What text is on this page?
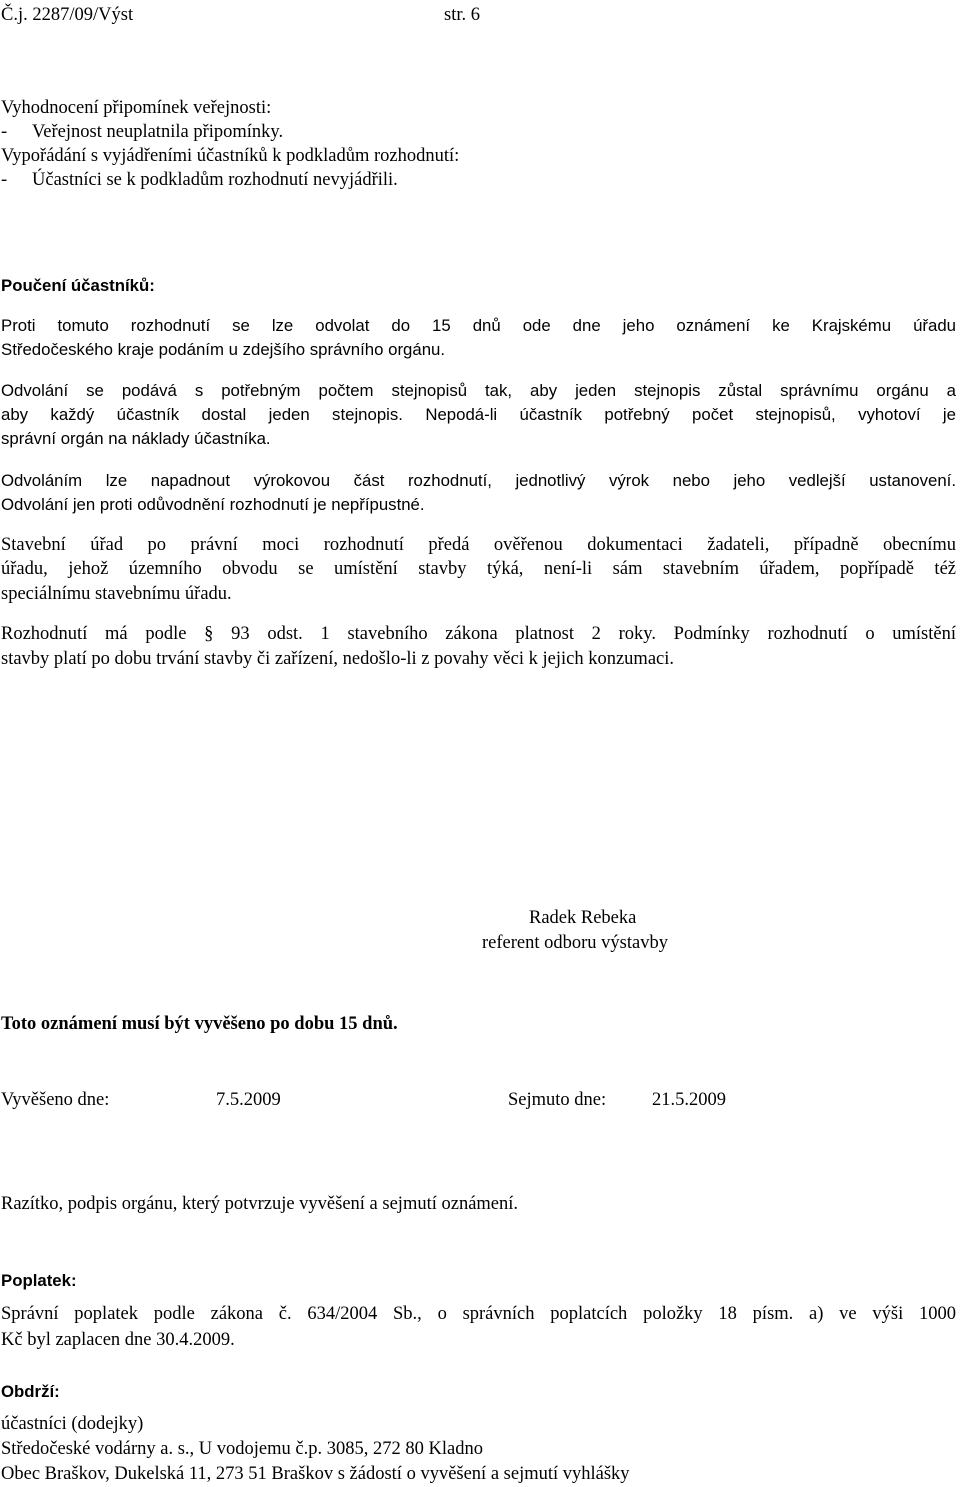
Č.j. 2287/09/Výst	str. 6
Vyhodnocení připomínek veřejnosti:
- Veřejnost neuplatnila připomínky.
Vypořádání s vyjádřeními účastníků k podkladům rozhodnutí:
- Účastníci se k podkladům rozhodnutí nevyjádřili.
Poučení účastníků:
Proti tomuto rozhodnutí se lze odvolat do 15 dnů ode dne jeho oznámení ke Krajskému úřadu
Středočeského kraje podáním u zdejšího správního orgánu.
Odvolání se podává s potřebným počtem stejnopisů tak, aby jeden stejnopis zůstal správnímu orgánu a
aby každý účastník dostal jeden stejnopis. Nepodá-li účastník potřebný počet stejnopisů, vyhotoví je
správní orgán na náklady účastníka.
Odvoláním lze napadnout výrokovou část rozhodnutí, jednotlivý výrok nebo jeho vedlejší ustanovení.
Odvolání jen proti odůvodnění rozhodnutí je nepřípustné.
Stavební úřad po právní moci rozhodnutí předá ověřenou dokumentaci žadateli, případně obecnímu
úřadu, jehož územního obvodu se umístění stavby týká, není-li sám stavebním úřadem, popřípadě též
speciálnímu stavebnímu úřadu.
Rozhodnutí má podle § 93 odst. 1 stavebního zákona platnost 2 roky. Podmínky rozhodnutí o umístění
stavby platí po dobu trvání stavby či zařízení, nedošlo-li z povahy věci k jejich konzumaci.
Radek Rebeka
referent odboru výstavby
Toto oznámení musí být vyvěšeno po dobu 15 dnů.
Vyvěšeno dne:	7.5.2009	Sejmuto dne: 21.5.2009
Razítko, podpis orgánu, který potvrzuje vyvěšení a sejmutí oznámení.
Poplatek:
Správní poplatek podle zákona č. 634/2004 Sb., o správních poplatcích položky 18 písm. a) ve výši 1000
Kč byl zaplacen dne 30.4.2009.
Obdrží:
účastníci (dodejky)
Středočeské vodárny a. s., U vodojemu č.p. 3085, 272 80 Kladno
Obec Braškov, Dukelská 11, 273 51 Braškov s žádostí o vyvěšení a sejmutí vyhlášky
